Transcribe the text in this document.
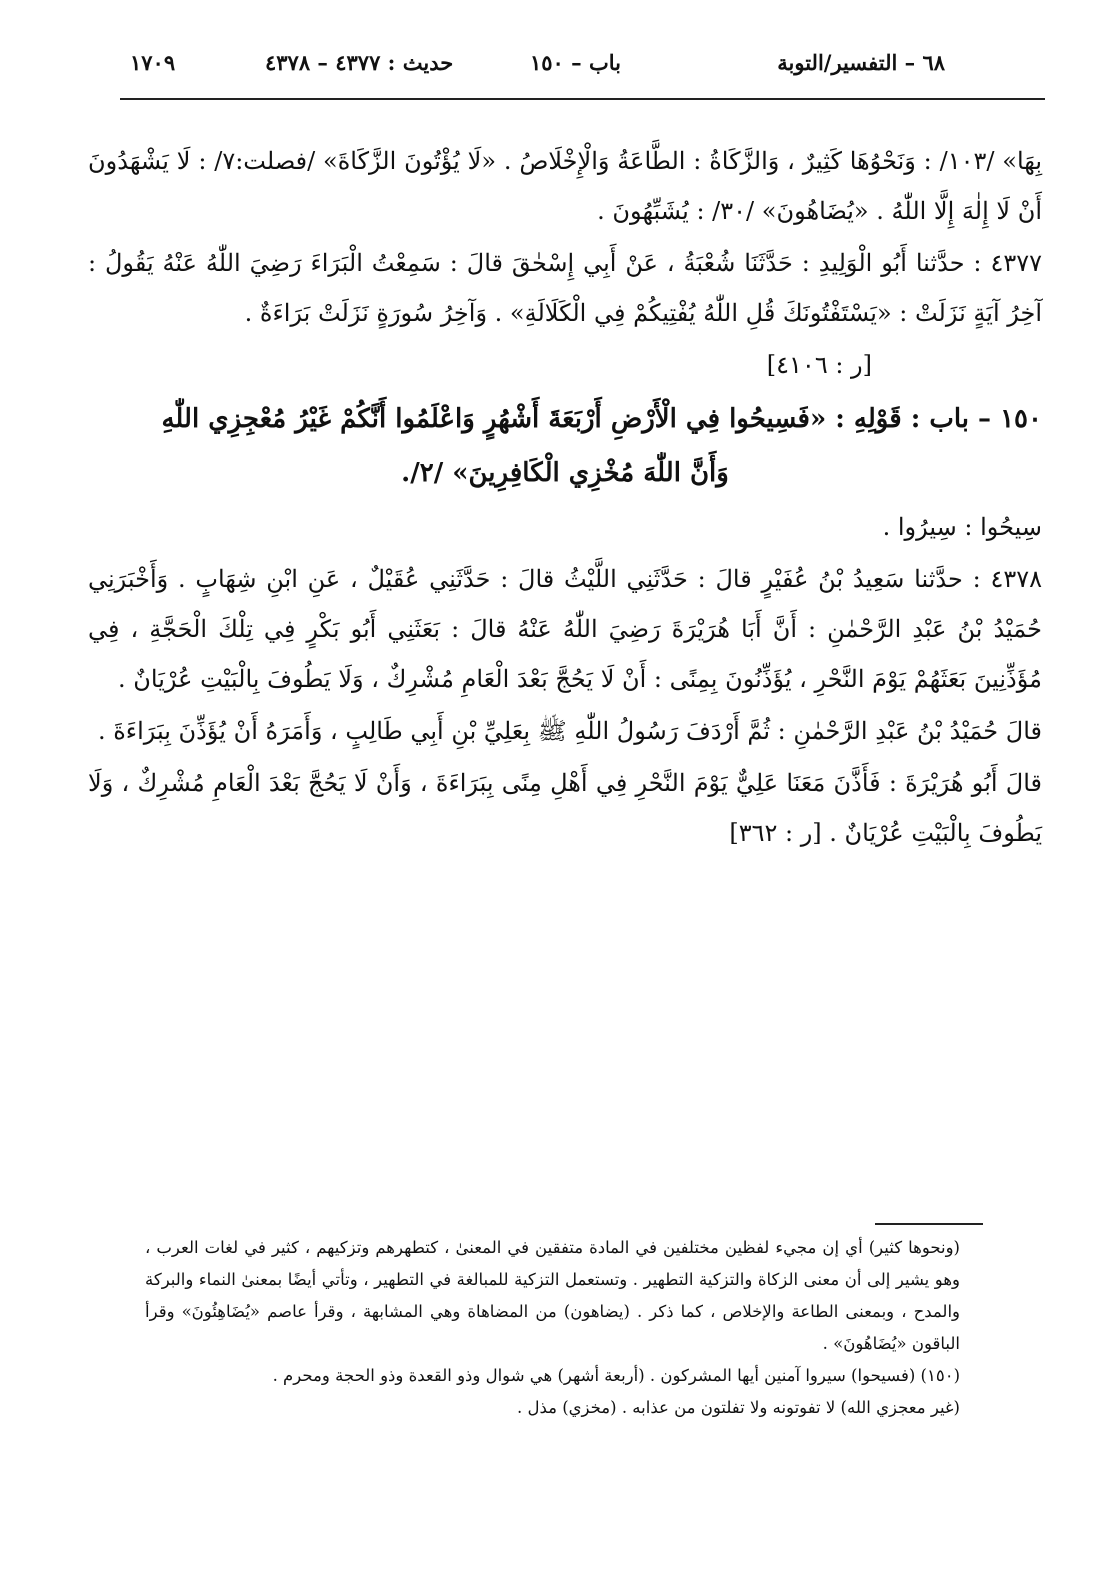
١٧٠٩	حديث : ٤٣٧٧ – ٤٣٧٨	باب – ١٥٠	٦٨ – التفسير/التوبة

بِهَا» /١٠٣/ : وَنَحْوُهَا كَثِيرٌ ، وَالزَّكَاةُ : الطَّاعَةُ وَالْإِخْلَاصُ . «لَا يُؤْتُونَ الزَّكَاةَ» /فصلت:٧/ : لَا يَشْهَدُونَ أَنْ لَا إِلٰهَ إِلَّا اللّٰهُ . «يُضَاهُونَ» /٣٠/ : يُشَبِّهُونَ .

٤٣٧٧ : حدَّثنا أَبُو الْوَلِيدِ : حَدَّثَنَا شُعْبَةُ ، عَنْ أَبِي إِسْحٰقَ قالَ : سَمِعْتُ الْبَرَاءَ رَضِيَ اللّٰهُ عَنْهُ يَقُولُ : آخِرُ آيَةٍ نَزَلَتْ : «يَسْتَفْتُونَكَ قُلِ اللّٰهُ يُفْتِيكُمْ فِي الْكَلَالَةِ» . وَآخِرُ سُورَةٍ نَزَلَتْ بَرَاءَةٌ .

[ر : ٤١٠٦]

١٥٠ – باب : قَوْلِهِ : «فَسِيحُوا فِي الْأَرْضِ أَرْبَعَةَ أَشْهُرٍ وَاعْلَمُوا أَنَّكُمْ غَيْرُ مُعْجِزِي اللّٰهِ
وَأَنَّ اللّٰهَ مُخْزِي الْكَافِرِينَ» /٢/.

سِيحُوا : سِيرُوا .

٤٣٧٨ : حدَّثنا سَعِيدُ بْنُ عُفَيْرٍ قالَ : حَدَّثَنِي اللَّيْثُ قالَ : حَدَّثَنِي عُقَيْلٌ ، عَنِ ابْنِ شِهَابٍ . وَأَخْبَرَنِي حُمَيْدُ بْنُ عَبْدِ الرَّحْمٰنِ : أَنَّ أَبَا هُرَيْرَةَ رَضِيَ اللّٰهُ عَنْهُ قالَ : بَعَثَنِي أَبُو بَكْرٍ فِي تِلْكَ الْحَجَّةِ ، فِي مُؤَذِّنِينَ بَعَثَهُمْ يَوْمَ النَّحْرِ ، يُؤَذِّنُونَ بِمِنًى : أَنْ لَا يَحُجَّ بَعْدَ الْعَامِ مُشْرِكٌ ، وَلَا يَطُوفَ بِالْبَيْتِ عُرْيَانٌ .

قالَ حُمَيْدُ بْنُ عَبْدِ الرَّحْمٰنِ : ثُمَّ أَرْدَفَ رَسُولُ اللّٰهِ ﷺ بِعَلِيِّ بْنِ أَبِي طَالِبٍ ، وَأَمَرَهُ أَنْ يُؤَذِّنَ بِبَرَاءَةَ .

قالَ أَبُو هُرَيْرَةَ : فَأَذَّنَ مَعَنَا عَلِيٌّ يَوْمَ النَّحْرِ فِي أَهْلِ مِنًى بِبَرَاءَةَ ، وَأَنْ لَا يَحُجَّ بَعْدَ الْعَامِ مُشْرِكٌ ، وَلَا يَطُوفَ بِالْبَيْتِ عُرْيَانٌ . [ر : ٣٦٢]

(ونحوها كثير) أي إن مجيء لفظين مختلفين في المادة متفقين في المعنىٰ ، كتطهرهم وتزكيهم ، كثير في لغات العرب ، وهو يشير إلى أن معنى الزكاة والتزكية التطهير . وتستعمل التزكية للمبالغة في التطهير ، وتأتي أيضًا بمعنىٰ النماء والبركة والمدح ، وبمعنى الطاعة والإخلاص ، كما ذكر . (يضاهون) من المضاهاة وهي المشابهة ، وقرأ عاصم «يُضَاهِئُونَ» وقرأ الباقون «يُضَاهُونَ» .

(١٥٠) (فسيحوا) سيروا آمنين أيها المشركون . (أربعة أشهر) هي شوال وذو القعدة وذو الحجة ومحرم .

(غير معجزي الله) لا تفوتونه ولا تفلتون من عذابه . (مخزي) مذل .
